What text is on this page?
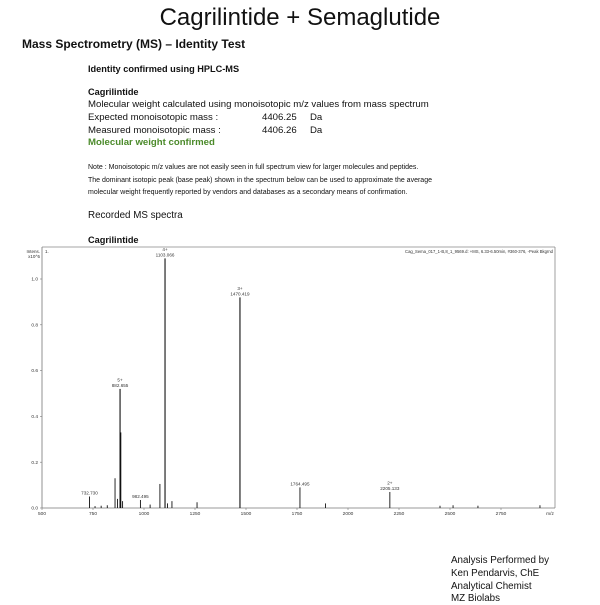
Cagrilintide + Semaglutide
Mass Spectrometry (MS) – Identity Test
Identity confirmed using HPLC-MS
Cagrilintide
Molecular weight calculated using monoisotopic m/z values from mass spectrum
Expected monoisotopic mass :	4406.25 Da
Measured monoisotopic mass :	4406.26 Da
Molecular weight confirmed
Note : Monoisotopic m/z values are not easily seen in full spectrum view for larger molecules and peptides.
The dominant isotopic peak (base peak) shown in the spectrum below can be used to approximate the average
molecular weight frequently reported by vendors and databases as a secondary means of confirmation.
Recorded MS spectra
Cagrilintide
Intens.
x10^5
1.	Cag_Sema_017_1-B,8_1_9569.d: +MS, 6.33-6.50min, #360-376, -Peak Bkgrnd
0.0
0.2
0.4
0.6
0.8
1.0
500	750	1000	1250	1500	1750	2000	2250	2500	2750	m/z
732.730
882.655
5+
982.495
1103.066
4+
1470.419
3+
1764.495
2205.133
2+
Analysis Performed by
Ken Pendarvis, ChE
Analytical Chemist
MZ Biolabs
